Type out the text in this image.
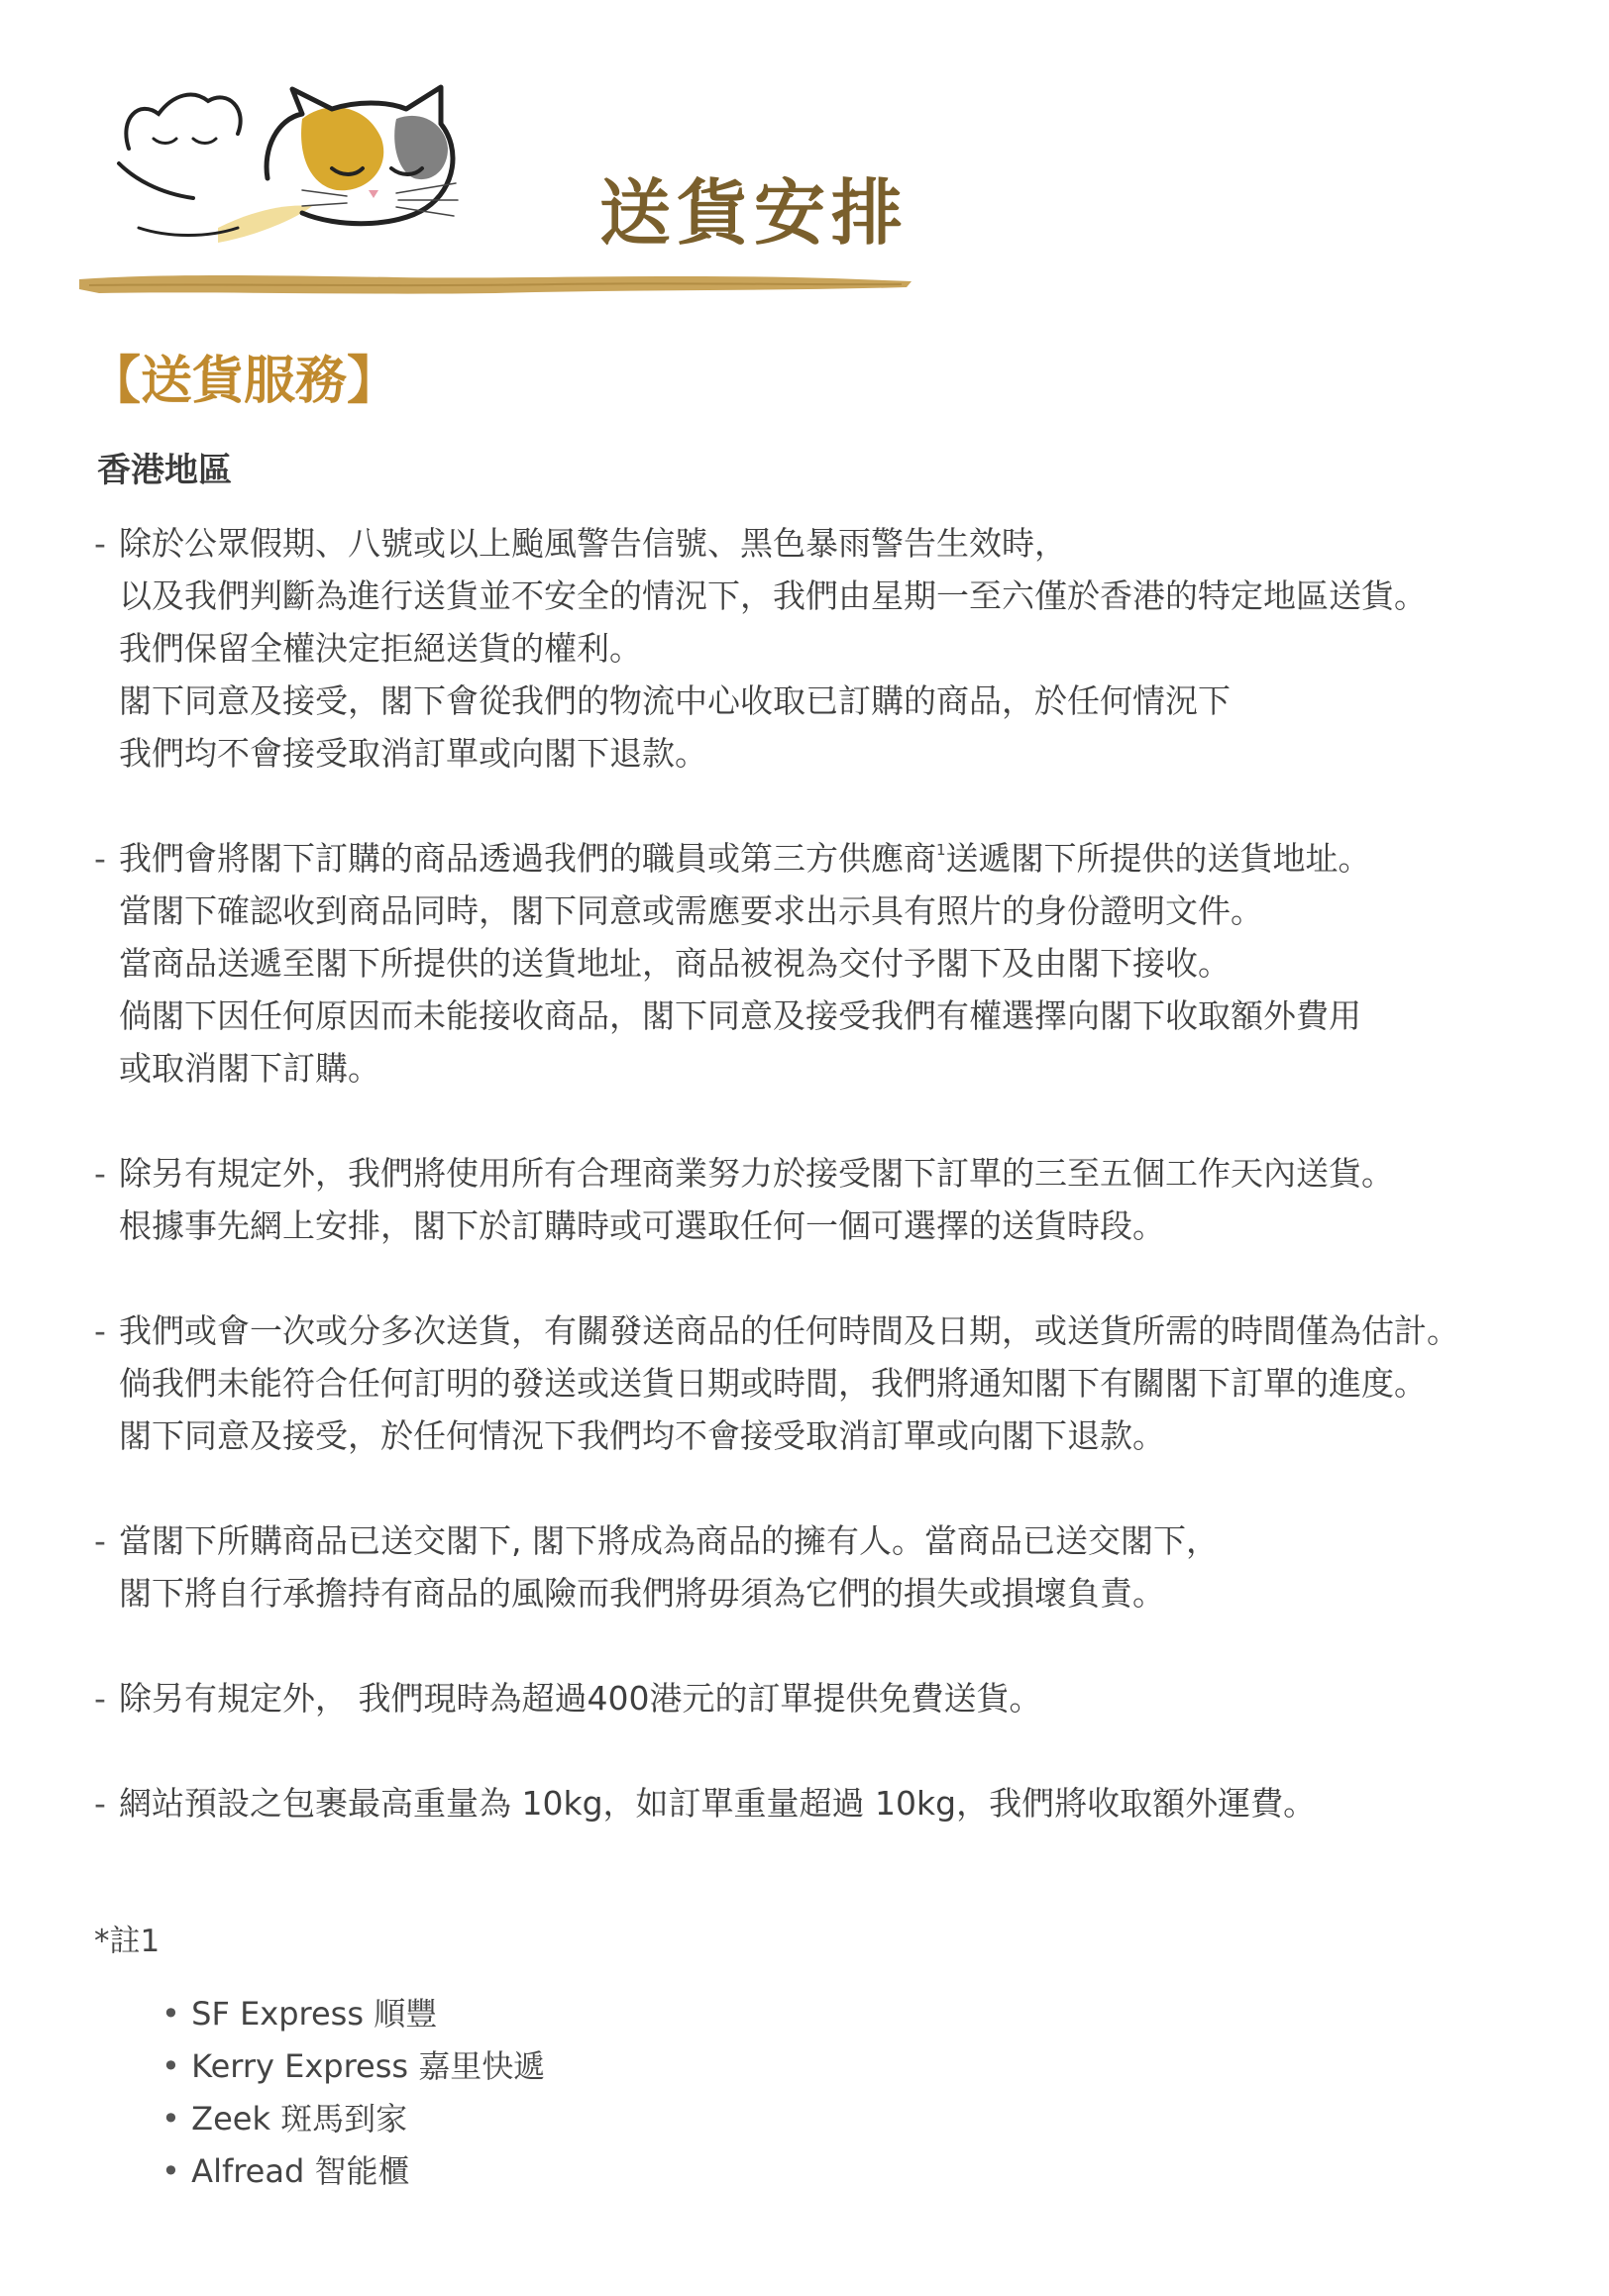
送貨安排
【送貨服務】
香港地區
- 除於公眾假期、八號或以上颱風警告信號、黑色暴雨警告生效時，
以及我們判斷為進行送貨並不安全的情況下，我們由星期一至六僅於香港的特定地區送貨。
我們保留全權決定拒絕送貨的權利。
閣下同意及接受，閣下會從我們的物流中心收取已訂購的商品，於任何情況下
我們均不會接受取消訂單或向閣下退款。
- 我們會將閣下訂購的商品透過我們的職員或第三方供應商$^1$送遞閣下所提供的送貨地址。
當閣下確認收到商品同時，閣下同意或需應要求出示具有照片的身份證明文件。
當商品送遞至閣下所提供的送貨地址，商品被視為交付予閣下及由閣下接收。
倘閣下因任何原因而未能接收商品，閣下同意及接受我們有權選擇向閣下收取額外費用
或取消閣下訂購。
- 除另有規定外，我們將使用所有合理商業努力於接受閣下訂單的三至五個工作天內送貨。
根據事先網上安排，閣下於訂購時或可選取任何一個可選擇的送貨時段。
- 我們或會一次或分多次送貨，有關發送商品的任何時間及日期，或送貨所需的時間僅為估計。
倘我們未能符合任何訂明的發送或送貨日期或時間，我們將通知閣下有關閣下訂單的進度。
閣下同意及接受，於任何情況下我們均不會接受取消訂單或向閣下退款。
- 當閣下所購商品已送交閣下, 閣下將成為商品的擁有人。當商品已送交閣下，
閣下將自行承擔持有商品的風險而我們將毋須為它們的損失或損壞負責。
- 除另有規定外， 我們現時為超過400港元的訂單提供免費送貨。
- 網站預設之包裹最高重量為 10kg，如訂單重量超過 10kg，我們將收取額外運費。
*註1
• SF Express 順豐
• Kerry Express 嘉里快遞
• Zeek 斑馬到家
• Alfread 智能櫃
